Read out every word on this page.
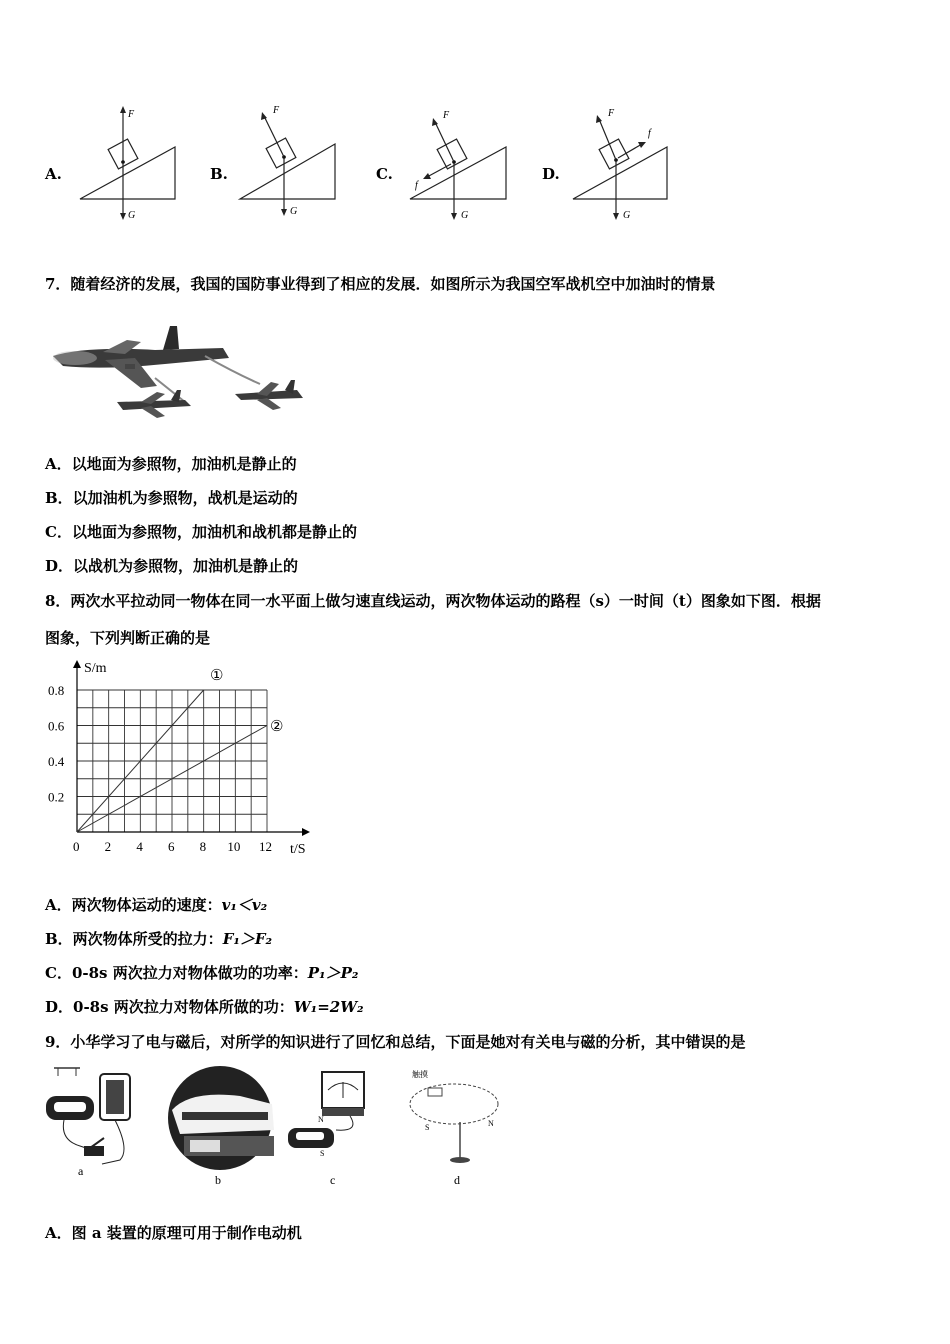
A.
F
G
B.
F
G
C.
F
G
f
D.
F
G
f
7．随着经济的发展，我国的国防事业得到了相应的发展．如图所示为我国空军战机空中加油时的情景
A．以地面为参照物，加油机是静止的
B．以加油机为参照物，战机是运动的
C．以地面为参照物，加油机和战机都是静止的
D．以战机为参照物，加油机是静止的
8．两次水平拉动同一物体在同一水平面上做匀速直线运动，两次物体运动的路程（s）一时间（t）图象如下图．根据
图象，下列判断正确的是
0 2 4 6 8 10 12
0.8
0.6
0.4
0.2
S/m
t/S
①
②
A．两次物体运动的速度：v₁＜v₂
B．两次物体所受的拉力：F₁＞F₂
C．0-8s 两次拉力对物体做功的功率：P₁＞P₂
D．0-8s 两次拉力对物体所做的功：W₁=2W₂
9．小华学习了电与磁后，对所学的知识进行了回忆和总结，下面是她对有关电与磁的分析，其中错误的是
a
b
N
S
c
触摸
S	N
d
A．图 a 装置的原理可用于制作电动机
